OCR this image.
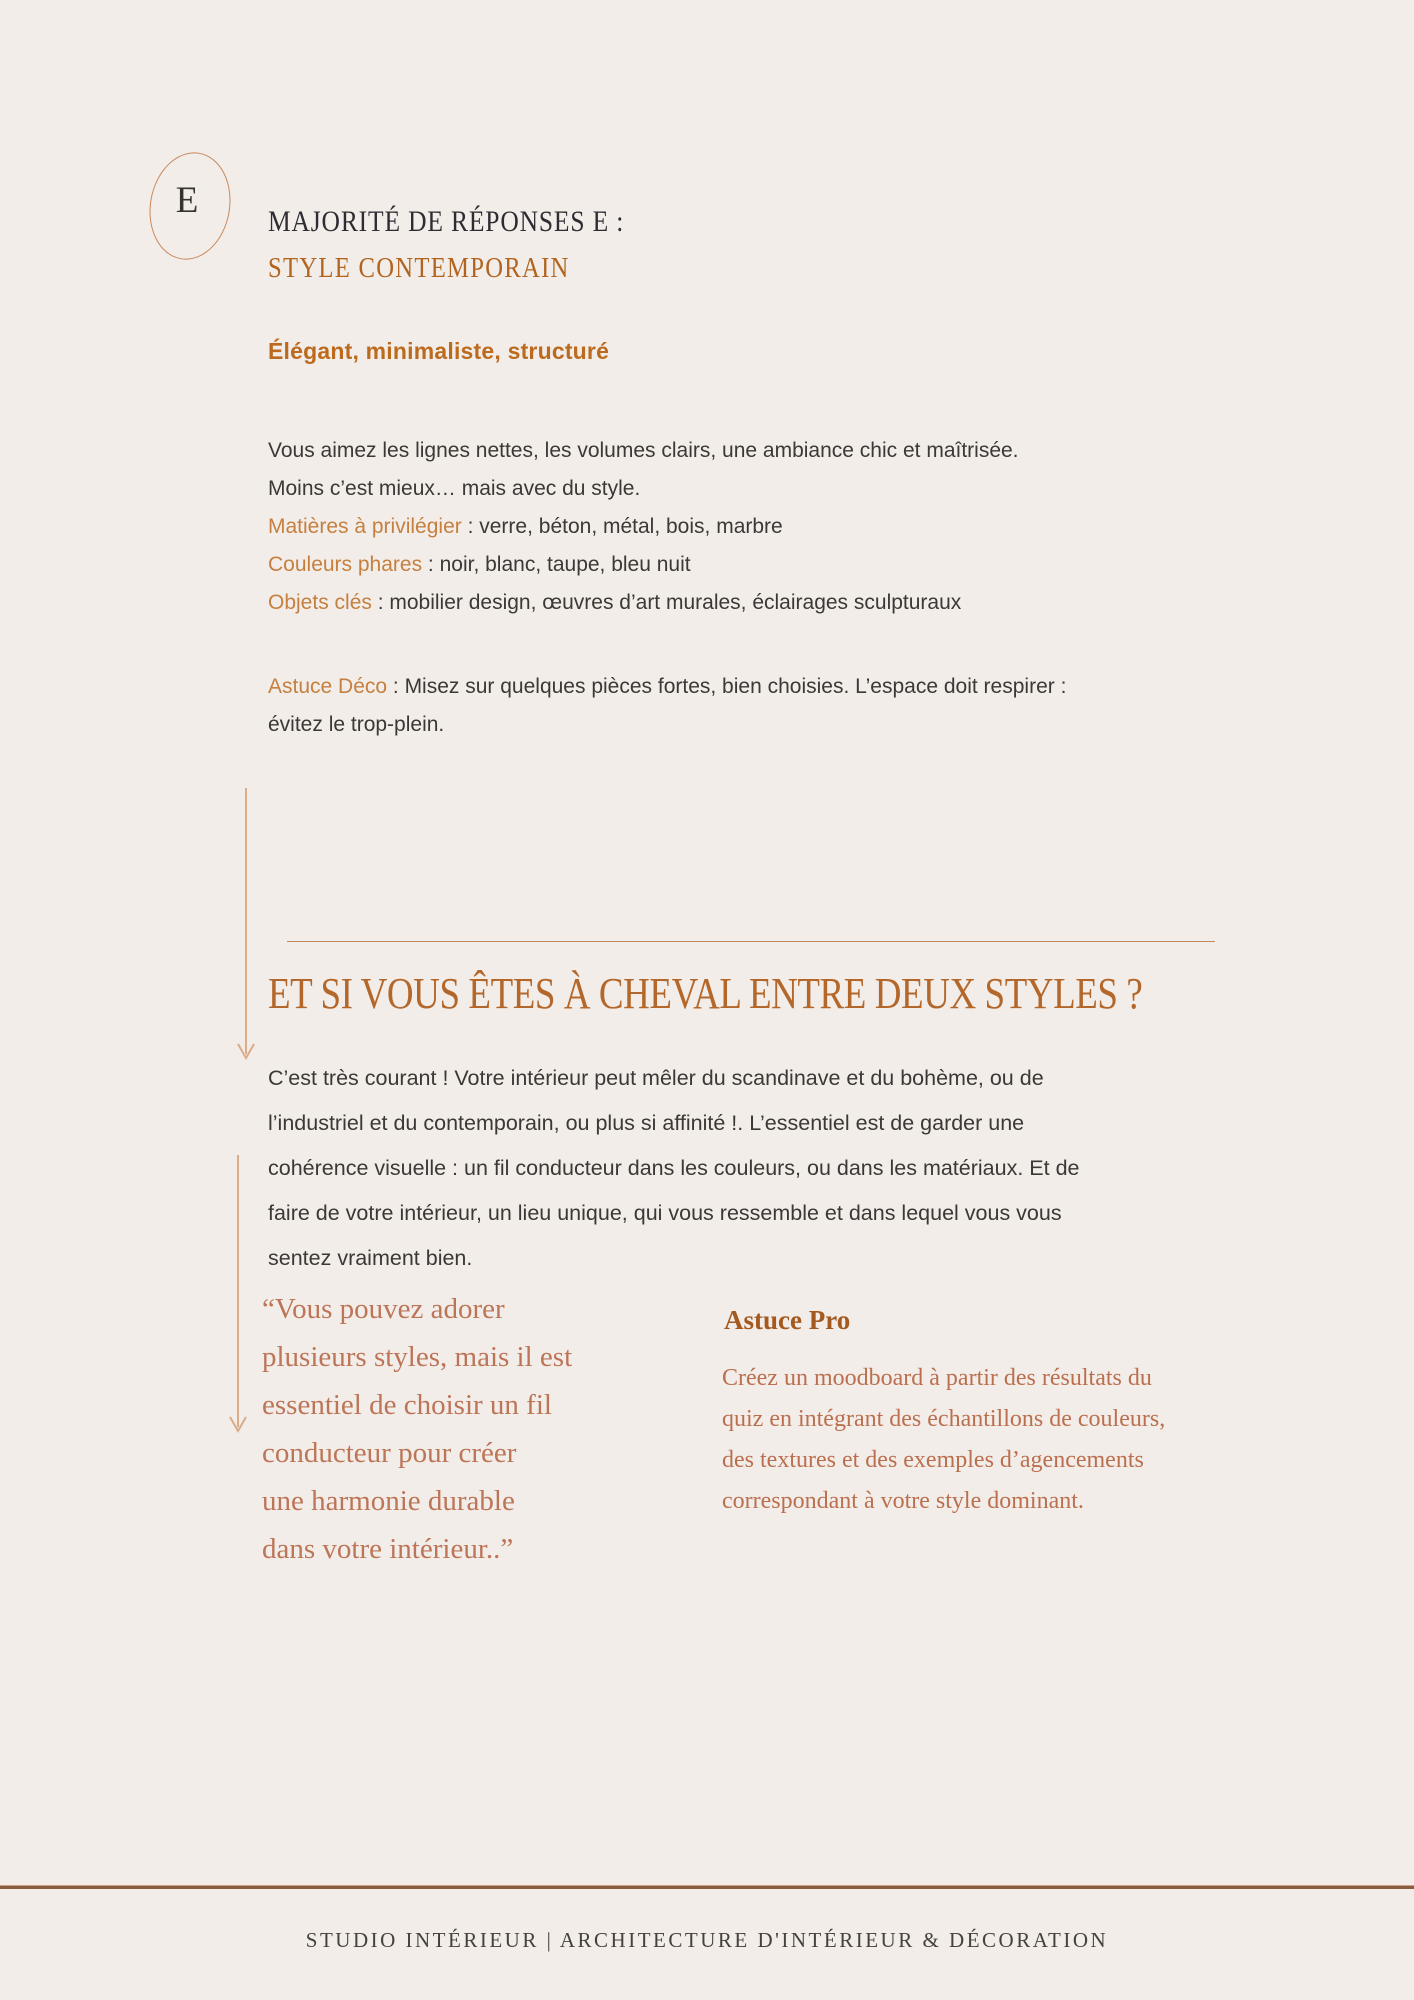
E
MAJORITÉ DE RÉPONSES E :
STYLE CONTEMPORAIN
Élégant, minimaliste, structuré
Vous aimez les lignes nettes, les volumes clairs, une ambiance chic et maîtrisée. Moins c’est mieux… mais avec du style.
Matières à privilégier : verre, béton, métal, bois, marbre
Couleurs phares : noir, blanc, taupe, bleu nuit
Objets clés : mobilier design, œuvres d’art murales, éclairages sculpturaux
Astuce Déco : Misez sur quelques pièces fortes, bien choisies. L’espace doit respirer : évitez le trop-plein.
ET SI VOUS ÊTES À CHEVAL ENTRE DEUX STYLES ?
C’est très courant ! Votre intérieur peut mêler du scandinave et du bohème, ou de l’industriel et du contemporain, ou plus si affinité !. L’essentiel est de garder une cohérence visuelle : un fil conducteur dans les couleurs, ou dans les matériaux. Et de faire de votre intérieur, un lieu unique, qui vous ressemble et dans lequel vous vous sentez vraiment bien.
“Vous pouvez adorer
plusieurs styles, mais il est
essentiel de choisir un fil
conducteur pour créer
une harmonie durable
dans votre intérieur..”
Astuce Pro
Créez un moodboard à partir des résultats du quiz en intégrant des échantillons de couleurs, des textures et des exemples d’agencements correspondant à votre style dominant.
STUDIO INTÉRIEUR | ARCHITECTURE D'INTÉRIEUR & DÉCORATION
